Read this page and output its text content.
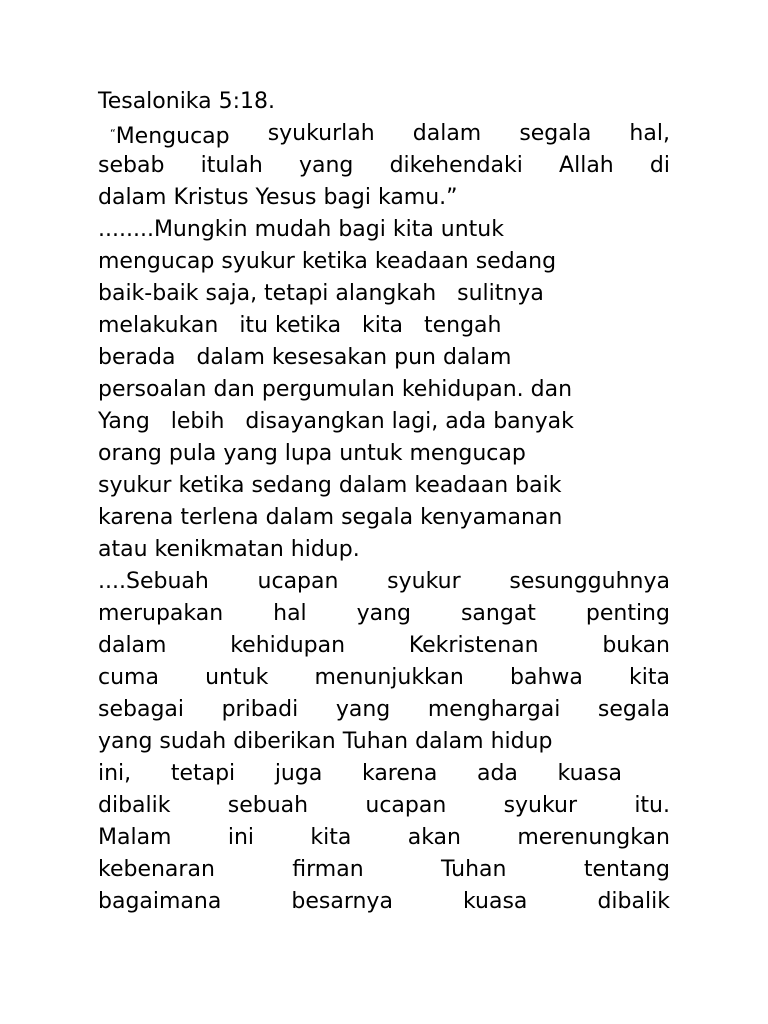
Tesalonika 5:18.
“Mengucap syukurlah dalam segala hal,
sebab itulah yang dikehendaki Allah di
dalam Kristus Yesus bagi kamu.”
........Mungkin mudah bagi kita untuk
mengucap syukur ketika keadaan sedang
baik-baik saja, tetapi alangkah   sulitnya
melakukan   itu ketika   kita   tengah
berada   dalam kesesakan pun dalam
persoalan dan pergumulan kehidupan. dan
Yang   lebih   disayangkan lagi, ada banyak
orang pula yang lupa untuk mengucap
syukur ketika sedang dalam keadaan baik
karena terlena dalam segala kenyamanan
atau kenikmatan hidup.
....Sebuah ucapan syukur sesungguhnya
merupakan hal yang sangat penting
dalam	kehidupan	Kekristenan	bukan
cuma untuk menunjukkan bahwa kita
sebagai pribadi yang menghargai segala
yang sudah diberikan Tuhan dalam hidup
ini, tetapi juga karena ada kuasa
dibalik	sebuah	ucapan	syukur	itu.
Malam	ini	kita	akan	merenungkan
kebenaran	firman	Tuhan	tentang
bagaimana	besarnya	kuasa	dibalik
